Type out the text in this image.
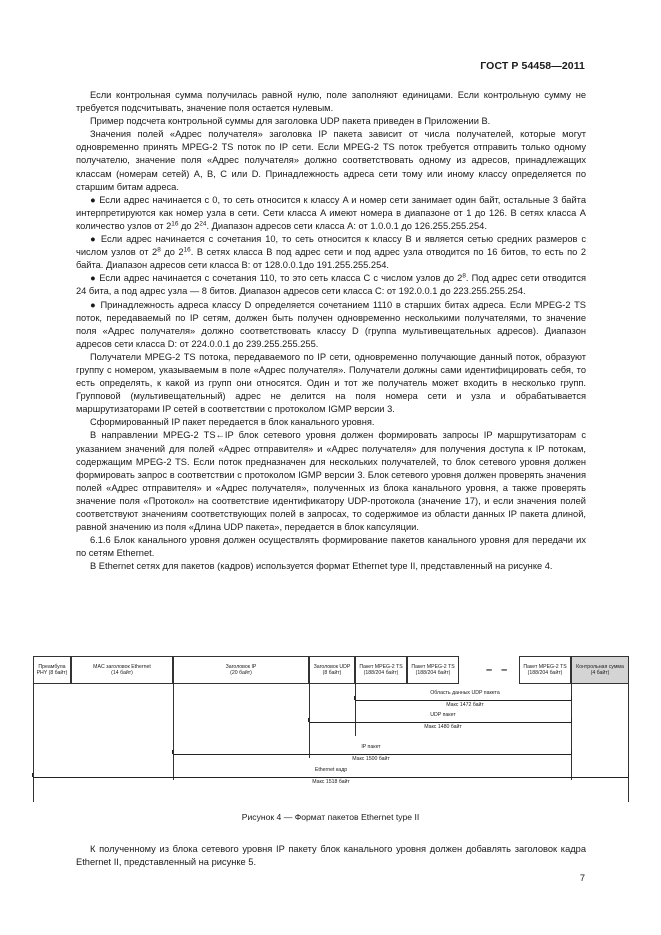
ГОСТ Р 54458—2011

Если контрольная сумма получилась равной нулю, поле заполняют единицами. Если контрольную сумму не требуется подсчитывать, значение поля остается нулевым.

Пример подсчета контрольной суммы для заголовка UDP пакета приведен в Приложении В.

Значения полей «Адрес получателя» заголовка IP пакета зависит от числа получателей, которые могут одновременно принять MPEG-2 TS поток по IP сети. Если MPEG-2 TS поток требуется отправить только одному получателю, значение поля «Адрес получателя» должно соответствовать одному из адресов, принадлежащих классам (номерам сетей) A, B, C или D. Принадлежность адреса сети тому или иному классу определяется по старшим битам адреса.

● Если адрес начинается с 0, то сеть относится к классу A и номер сети занимает один байт, остальные 3 байта интерпретируются как номер узла в сети. Сети класса A имеют номера в диапазоне от 1 до 126. В сетях класса A количество узлов от $2^{16}$ до $2^{24}$. Диапазон адресов сети класса A: от 1.0.0.1 до 126.255.255.254.

● Если адрес начинается с сочетания 10, то сеть относится к классу B и является сетью средних размеров с числом узлов от $2^8$ до $2^{16}$. В сетях класса B под адрес сети и под адрес узла отводится по 16 битов, то есть по 2 байта. Диапазон адресов сети класса B: от 128.0.0.1до 191.255.255.254.

● Если адрес начинается с сочетания 110, то это сеть класса C с числом узлов до $2^8$. Под адрес сети отводится 24 бита, а под адрес узла — 8 битов. Диапазон адресов сети класса C: от 192.0.0.1 до 223.255.255.254.

● Принадлежность адреса классу D определяется сочетанием 1110 в старших битах адреса. Если MPEG-2 TS поток, передаваемый по IP сетям, должен быть получен одновременно несколькими получателями, то значение поля «Адрес получателя» должно соответствовать классу D (группа мультивещательных адресов). Диапазон адресов сети класса D: от 224.0.0.1 до 239.255.255.255.

Получатели MPEG-2 TS потока, передаваемого по IP сети, одновременно получающие данный поток, образуют группу с номером, указываемым в поле «Адрес получателя». Получатели должны сами идентифицировать себя, то есть определять, к какой из групп они относятся. Один и тот же получатель может входить в несколько групп. Групповой (мультивещательный) адрес не делится на поля номера сети и узла и обрабатывается маршрутизаторами IP сетей в соответствии с протоколом IGMP версии 3.

Сформированный IP пакет передается в блок канального уровня.

В направлении MPEG-2 TS←IP блок сетевого уровня должен формировать запросы IP маршрутизаторам с указанием значений для полей «Адрес отправителя» и «Адрес получателя» для получения доступа к IP потокам, содержащим MPEG-2 TS. Если поток предназначен для нескольких получателей, то блок сетевого уровня должен формировать запрос в соответствии с протоколом IGMP версии 3. Блок сетевого уровня должен проверять значения полей «Адрес отправителя» и «Адрес получателя», полученных из блока канального уровня, а также проверять значение поля «Протокол» на соответствие идентификатору UDP-протокола (значение 17), и если значения полей соответствуют значениям соответствующих полей в запросах, то содержимое из области данных IP пакета длиной, равной значению из поля «Длина UDP пакета», передается в блок капсуляции.

6.1.6 Блок канального уровня должен осуществлять формирование пакетов канального уровня для передачи их по сетям Ethernet.

В Ethernet сетях для пакетов (кадров) используется формат Ethernet type II, представленный на рисунке 4.

Преамбула
PHY (8 байт)
MAC заголовок Ethernet
(14 байт)
Заголовок IP
(20 байт)
Заголовок UDP
(8 байт)
Пакет MPEG-2 TS
(188/204 байт)
Пакет MPEG-2 TS
(188/204 байт)	– –	Пакет MPEG-2 TS
(188/204 байт)
Контрольная сумма
(4 байт)
Область данных UDP пакета
Макс 1472 байт
UDP пакет
Макс 1480 байт
IP пакет
Макс 1500 байт
Ethernet кадр
Макс 1518 байт
Рисунок 4 — Формат пакетов Ethernet type II

К полученному из блока сетевого уровня IP пакету блок канального уровня должен добавлять заголовок кадра Ethernet II, представленный на рисунке 5.

7
